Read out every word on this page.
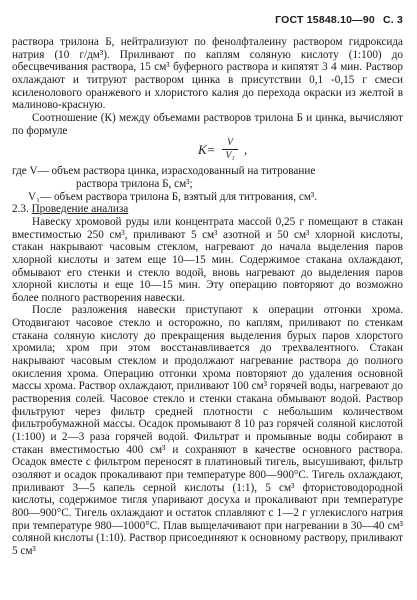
ГОСТ 15848.10—90 С. 3

раствора трилона Б, нейтрализуют по фенолфталеину раствором гидроксида натрия (10 г/дм³). Приливают по каплям соляную кислоту (1:100) до обесцвечивания раствора, 15 см³ буферного раствора и кипятят 3 4 мин. Раствор охлаждают и титруют раствором цинка в присутствии 0,1 -0,15 г смеси ксиленолового оранжевого и хлористого калия до перехода окраски из желтой в малиново-красную.

Соотношение (К) между объемами растворов трилона Б и цинка, вычисляют по формуле

K=	V
V₁ ,

где V— объем раствора цинка, израсходованный на титрование

раствора трилона Б, см³;

V₁— объем раствора трилона Б, взятый для титрования, см³.

2.3. Проведение анализа

Навеску хромовой руды или концентрата массой 0,25 г помещают в стакан вместимостью 250 см³, приливают 5 см³ азотной и 50 см³ хлорной кислоты, стакан накрывают часовым стеклом, нагревают до начала выделения паров хлорной кислоты и затем еще 10—15 мин. Содержимое стакана охлаждают, обмывают его стенки и стекло водой, вновь нагревают до выделения паров хлорной кислоты и еще 10—15 мин. Эту операцию повторяют до возможно более полного растворения навески.

После разложения навески приступают к операции отгонки хрома. Отодвигают часовое стекло и осторожно, по каплям, приливают по стенкам стакана соляную кислоту до прекращения выделения бурых паров хлорстого хромила; хром при этом восстанавливается до трехвалентного. Стакан накрывают часовым стеклом и продолжают нагревание раствора до полного окисления хрома. Операцию отгонки хрома повторяют до удаления основной массы хрома. Раствор охлаждают, приливают 100 см³ горячей воды, нагревают до растворения солей. Часовое стекло и стенки стакана обмывают водой. Раствор фильтруют через фильтр средней плотности с небольшим количеством фильтробумажной массы. Осадок промывают 8 10 раз горячей соляной кислотой (1:100) и 2—3 раза горячей водой. Фильтрат и промывные воды собирают в стакан вместимостью 400 см³ и сохраняют в качестве основного раствора. Осадок вместе с фильтром переносят в платиновый тигель, высушивают, фильтр озоляют и осадок прокаливают при температуре 800—900°С. Тигель охлаждают, приливают 3—5 капель серной кислоты (1:1), 5 см³ фтористоводородной кислоты, содержимое тигля упаривают досуха и прокаливают при температуре 800—900°С. Тигель охлаждают и остаток сплавляют с 1—2 г углекислого натрия при температуре 980—1000°С. Плав выщелачивают при нагревании в 30—40 см³ соляной кислоты (1:10). Раствор присоединяют к основному раствору, приливают 5 см³
